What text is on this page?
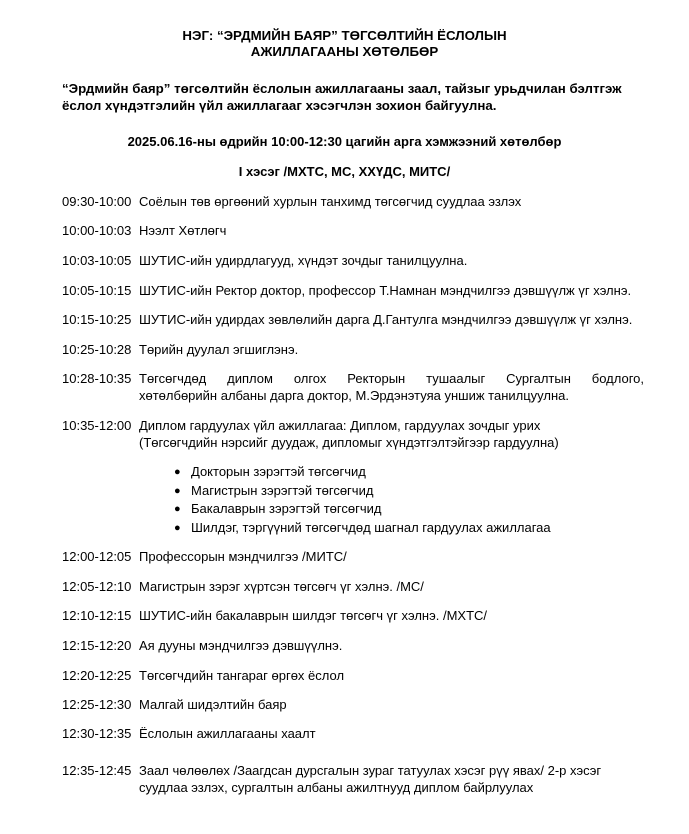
НЭГ: “ЭРДМИЙН БАЯР” ТӨГСӨЛТИЙН ЁСЛОЛЫН
АЖИЛЛАГААНЫ ХӨТӨЛБӨР
“Эрдмийн баяр” төгсөлтийн ёслолын ажиллагааны заал, тайзыг урьдчилан бэлтгэж
ёслол хүндэтгэлийн үйл ажиллагааг хэсэгчлэн зохион байгуулна.
2025.06.16-ны өдрийн 10:00-12:30 цагийн арга хэмжээний хөтөлбөр
I хэсэг /МХТС, МС, ХХҮДС, МИТС/
09:30-10:00 Соёлын төв өргөөний хурлын танхимд төгсөгчид суудлаа эзлэх
10:00-10:03 Нээлт Хөтлөгч
10:03-10:05 ШУТИС-ийн удирдлагууд, хүндэт зочдыг танилцуулна.
10:05-10:15 ШУТИС-ийн Ректор доктор, профессор Т.Намнан мэндчилгээ дэвшүүлж үг хэлнэ.
10:15-10:25 ШУТИС-ийн удирдах зөвлөлийн дарга Д.Гантулга мэндчилгээ дэвшүүлж үг хэлнэ.
10:25-10:28 Төрийн дуулал эгшиглэнэ.
10:28-10:35 Төгсөгчдөд диплом олгох Ректорын тушаалыг Сургалтын бодлого,
хөтөлбөрийн албаны дарга доктор, М.Эрдэнэтуяа уншиж танилцуулна.
10:35-12:00 Диплом гардуулах үйл ажиллагаа: Диплом, гардуулах зочдыг урих
(Төгсөгчдийн нэрсийг дуудаж, дипломыг хүндэтгэлтэйгээр гардуулна)
● Докторын зэрэгтэй төгсөгчид
● Магистрын зэрэгтэй төгсөгчид
● Бакалаврын зэрэгтэй төгсөгчид
● Шилдэг, тэргүүний төгсөгчдөд шагнал гардуулах ажиллагаа
12:00-12:05 Профессорын мэндчилгээ /МИТС/
12:05-12:10 Магистрын зэрэг хүртсэн төгсөгч үг хэлнэ. /МС/
12:10-12:15 ШУТИС-ийн бакалаврын шилдэг төгсөгч үг хэлнэ. /МХТС/
12:15-12:20 Ая дууны мэндчилгээ дэвшүүлнэ.
12:20-12:25 Төгсөгчдийн тангараг өргөх ёслол
12:25-12:30 Малгай шидэлтийн баяр
12:30-12:35 Ёслолын ажиллагааны хаалт
12:35-12:45 Заал чөлөөлөх /Заагдсан дурсгалын зураг татуулах хэсэг рүү явах/ 2-р хэсэг
суудлаа эзлэх, сургалтын албаны ажилтнууд диплом байрлуулах
